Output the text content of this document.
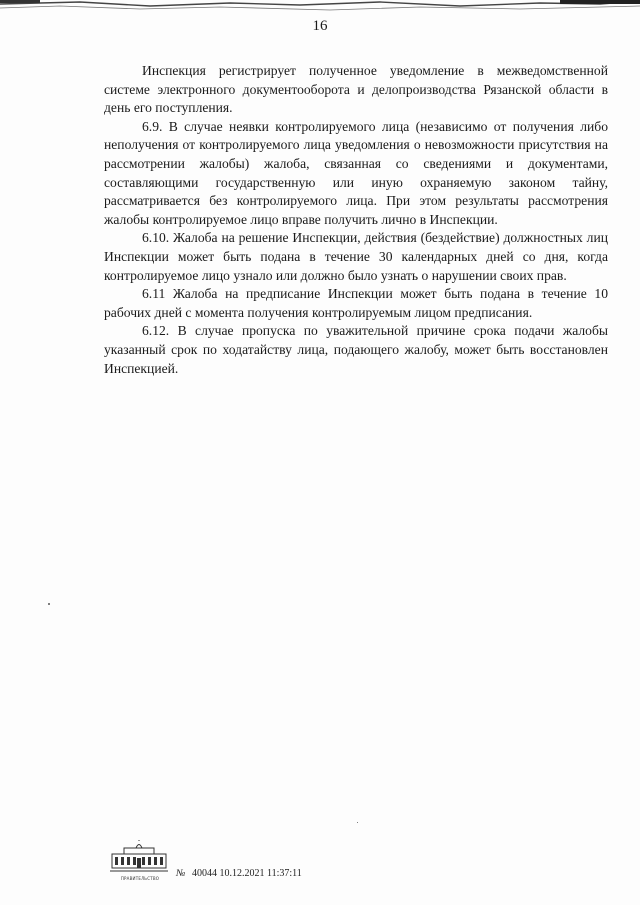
16

Инспекция регистрирует полученное уведомление в межведомственной системе электронного документооборота и делопроизводства Рязанской области в день его поступления.

6.9. В случае неявки контролируемого лица (независимо от получения либо неполучения от контролируемого лица уведомления о невозможности присутствия на рассмотрении жалобы) жалоба, связанная со сведениями и документами, составляющими государственную или иную охраняемую законом тайну, рассматривается без контролируемого лица. При этом результаты рассмотрения жалобы контролируемое лицо вправе получить лично в Инспекции.

6.10. Жалоба на решение Инспекции, действия (бездействие) должностных лиц Инспекции может быть подана в течение 30 календарных дней со дня, когда контролируемое лицо узнало или должно было узнать о нарушении своих прав.

6.11 Жалоба на предписание Инспекции может быть подана в течение 10 рабочих дней с момента получения контролируемым лицом предписания.

6.12. В случае пропуска по уважительной причине срока подачи жалобы указанный срок по ходатайству лица, подающего жалобу, может быть восстановлен Инспекцией.

ПРАВИТЕЛЬСТВО	№ 40044 10.12.2021 11:37:11
